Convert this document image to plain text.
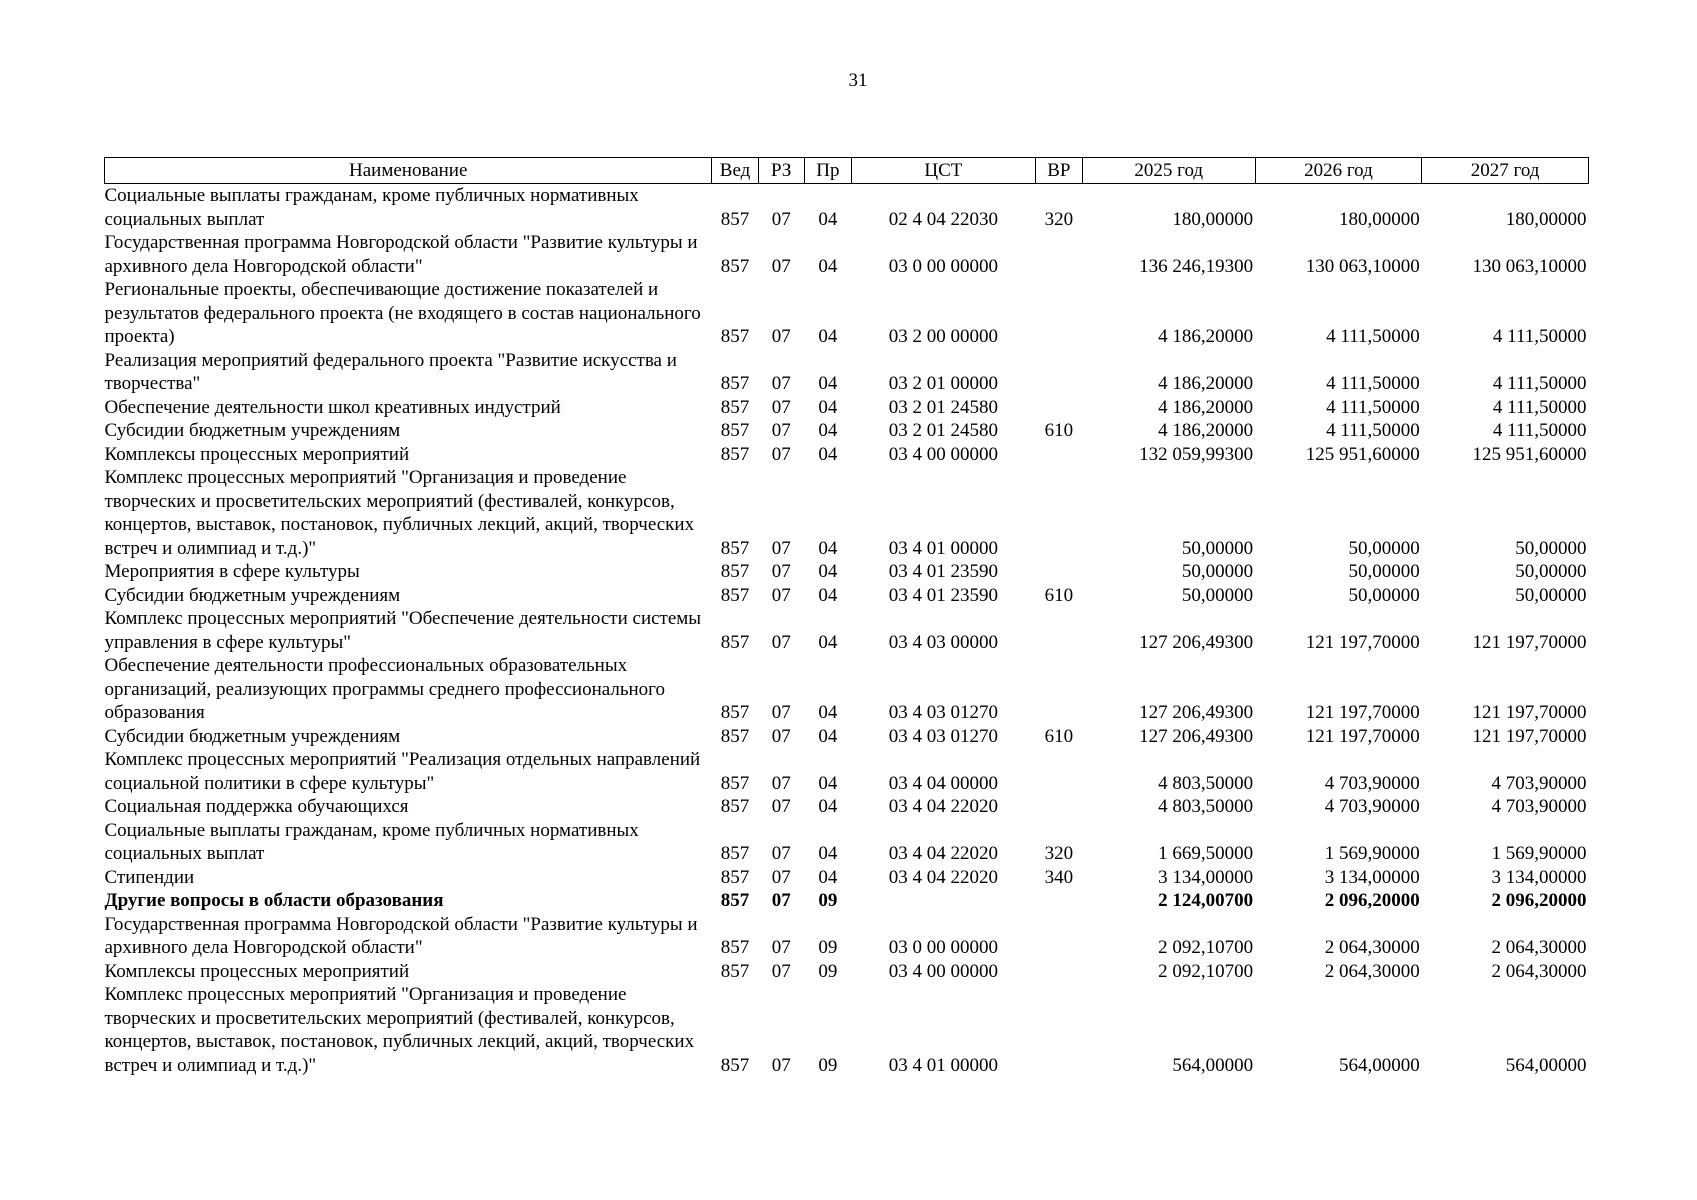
31
Наименование	Вед	РЗ	Пр	ЦСТ	ВР	2025 год	2026 год	2027 год
Социальные выплаты гражданам, кроме публичных нормативных социальных выплат	857	07	04	02 4 04 22030	320	180,00000	180,00000	180,00000
Государственная программа Новгородской области "Развитие культуры и архивного дела Новгородской области"	857	07	04	03 0 00 00000		136 246,19300	130 063,10000	130 063,10000
Региональные проекты, обеспечивающие достижение показателей и результатов федерального проекта (не входящего в состав национального проекта)	857	07	04	03 2 00 00000		4 186,20000	4 111,50000	4 111,50000
Реализация мероприятий федерального проекта "Развитие искусства и творчества"	857	07	04	03 2 01 00000		4 186,20000	4 111,50000	4 111,50000
Обеспечение деятельности школ креативных индустрий	857	07	04	03 2 01 24580		4 186,20000	4 111,50000	4 111,50000
Субсидии бюджетным учреждениям	857	07	04	03 2 01 24580	610	4 186,20000	4 111,50000	4 111,50000
Комплексы процессных мероприятий	857	07	04	03 4 00 00000		132 059,99300	125 951,60000	125 951,60000
Комплекс процессных мероприятий "Организация и проведение творческих и просветительских мероприятий (фестивалей, конкурсов, концертов, выставок, постановок, публичных лекций, акций, творческих встреч и олимпиад и т.д.)"	857	07	04	03 4 01 00000		50,00000	50,00000	50,00000
Мероприятия в сфере культуры	857	07	04	03 4 01 23590		50,00000	50,00000	50,00000
Субсидии бюджетным учреждениям	857	07	04	03 4 01 23590	610	50,00000	50,00000	50,00000
Комплекс процессных мероприятий "Обеспечение деятельности системы управления в сфере культуры"	857	07	04	03 4 03 00000		127 206,49300	121 197,70000	121 197,70000
Обеспечение деятельности профессиональных образовательных организаций, реализующих программы среднего профессионального образования	857	07	04	03 4 03 01270		127 206,49300	121 197,70000	121 197,70000
Субсидии бюджетным учреждениям	857	07	04	03 4 03 01270	610	127 206,49300	121 197,70000	121 197,70000
Комплекс процессных мероприятий "Реализация отдельных направлений социальной политики в сфере культуры"	857	07	04	03 4 04 00000		4 803,50000	4 703,90000	4 703,90000
Социальная поддержка обучающихся	857	07	04	03 4 04 22020		4 803,50000	4 703,90000	4 703,90000
Социальные выплаты гражданам, кроме публичных нормативных социальных выплат	857	07	04	03 4 04 22020	320	1 669,50000	1 569,90000	1 569,90000
Стипендии	857	07	04	03 4 04 22020	340	3 134,00000	3 134,00000	3 134,00000
Другие вопросы в области образования	857	07	09			2 124,00700	2 096,20000	2 096,20000
Государственная программа Новгородской области "Развитие культуры и архивного дела Новгородской области"	857	07	09	03 0 00 00000		2 092,10700	2 064,30000	2 064,30000
Комплексы процессных мероприятий	857	07	09	03 4 00 00000		2 092,10700	2 064,30000	2 064,30000
Комплекс процессных мероприятий "Организация и проведение творческих и просветительских мероприятий (фестивалей, конкурсов, концертов, выставок, постановок, публичных лекций, акций, творческих встреч и олимпиад и т.д.)"	857	07	09	03 4 01 00000		564,00000	564,00000	564,00000
